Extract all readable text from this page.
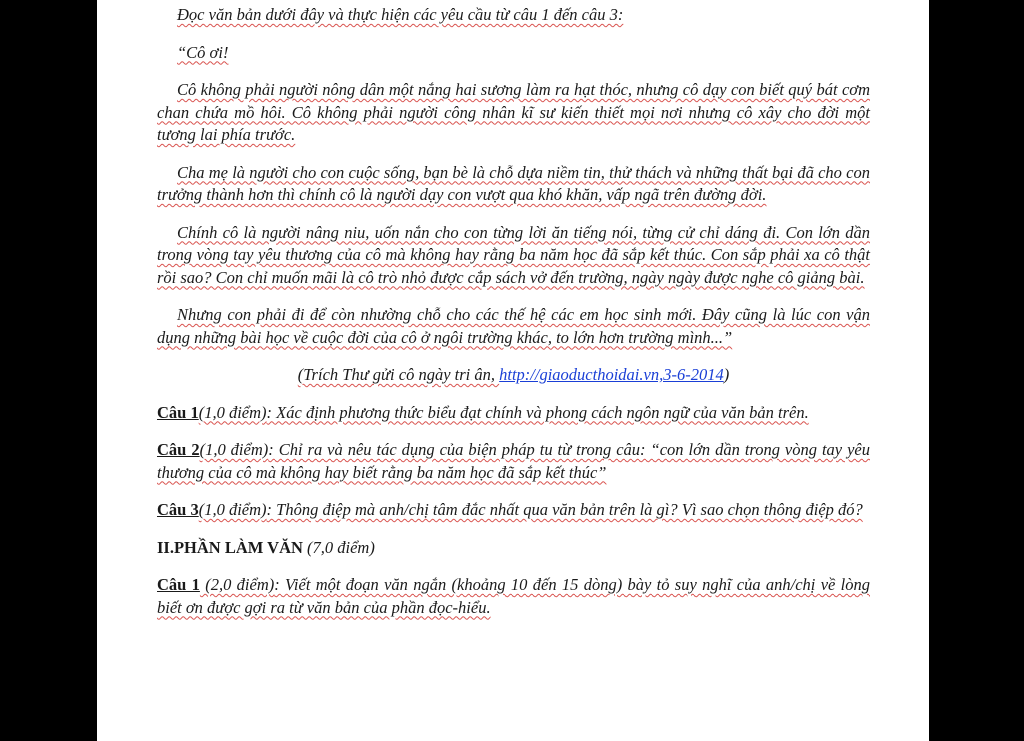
Đọc văn bản dưới đây và thực hiện các yêu cầu từ câu 1 đến câu 3:

“Cô ơi!

Cô không phải người nông dân một nắng hai sương làm ra hạt thóc, nhưng cô dạy con biết quý bát cơm chan chứa mồ hôi. Cô không phải người công nhân kĩ sư kiến thiết mọi nơi nhưng cô xây cho đời một tương lai phía trước.

Cha mẹ là người cho con cuộc sống, bạn bè là chỗ dựa niềm tin, thử thách và những thất bại đã cho con trưởng thành hơn thì chính cô là người dạy con vượt qua khó khăn, vấp ngã trên đường đời.

Chính cô là người nâng niu, uốn nắn cho con từng lời ăn tiếng nói, từng cử chỉ dáng đi. Con lớn dần trong vòng tay yêu thương của cô mà không hay rằng ba năm học đã sắp kết thúc. Con sắp phải xa cô thật rồi sao? Con chỉ muốn mãi là cô trò nhỏ được cắp sách vở đến trường, ngày ngày được nghe cô giảng bài.

Nhưng con phải đi để còn nhường chỗ cho các thế hệ các em học sinh mới. Đây cũng là lúc con vận dụng những bài học về cuộc đời của cô ở ngôi trường khác, to lớn hơn trường mình...”

(Trích Thư gửi cô ngày tri ân, http://giaoducthoidai.vn,3-6-2014)

Câu 1(1,0 điểm): Xác định phương thức biểu đạt chính và phong cách ngôn ngữ của văn bản trên.

Câu 2(1,0 điểm): Chỉ ra và nêu tác dụng của biện pháp tu từ trong câu: “con lớn dần trong vòng tay yêu thương của cô mà không hay biết rằng ba năm học đã sắp kết thúc”

Câu 3(1,0 điểm): Thông điệp mà anh/chị tâm đắc nhất qua văn bản trên là gì? Vì sao chọn thông điệp đó?

II.PHẦN LÀM VĂN (7,0 điểm)

Câu 1 (2,0 điểm): Viết một đoạn văn ngắn (khoảng 10 đến 15 dòng) bày tỏ suy nghĩ của anh/chị về lòng biết ơn được gợi ra từ văn bản của phần đọc-hiểu.
